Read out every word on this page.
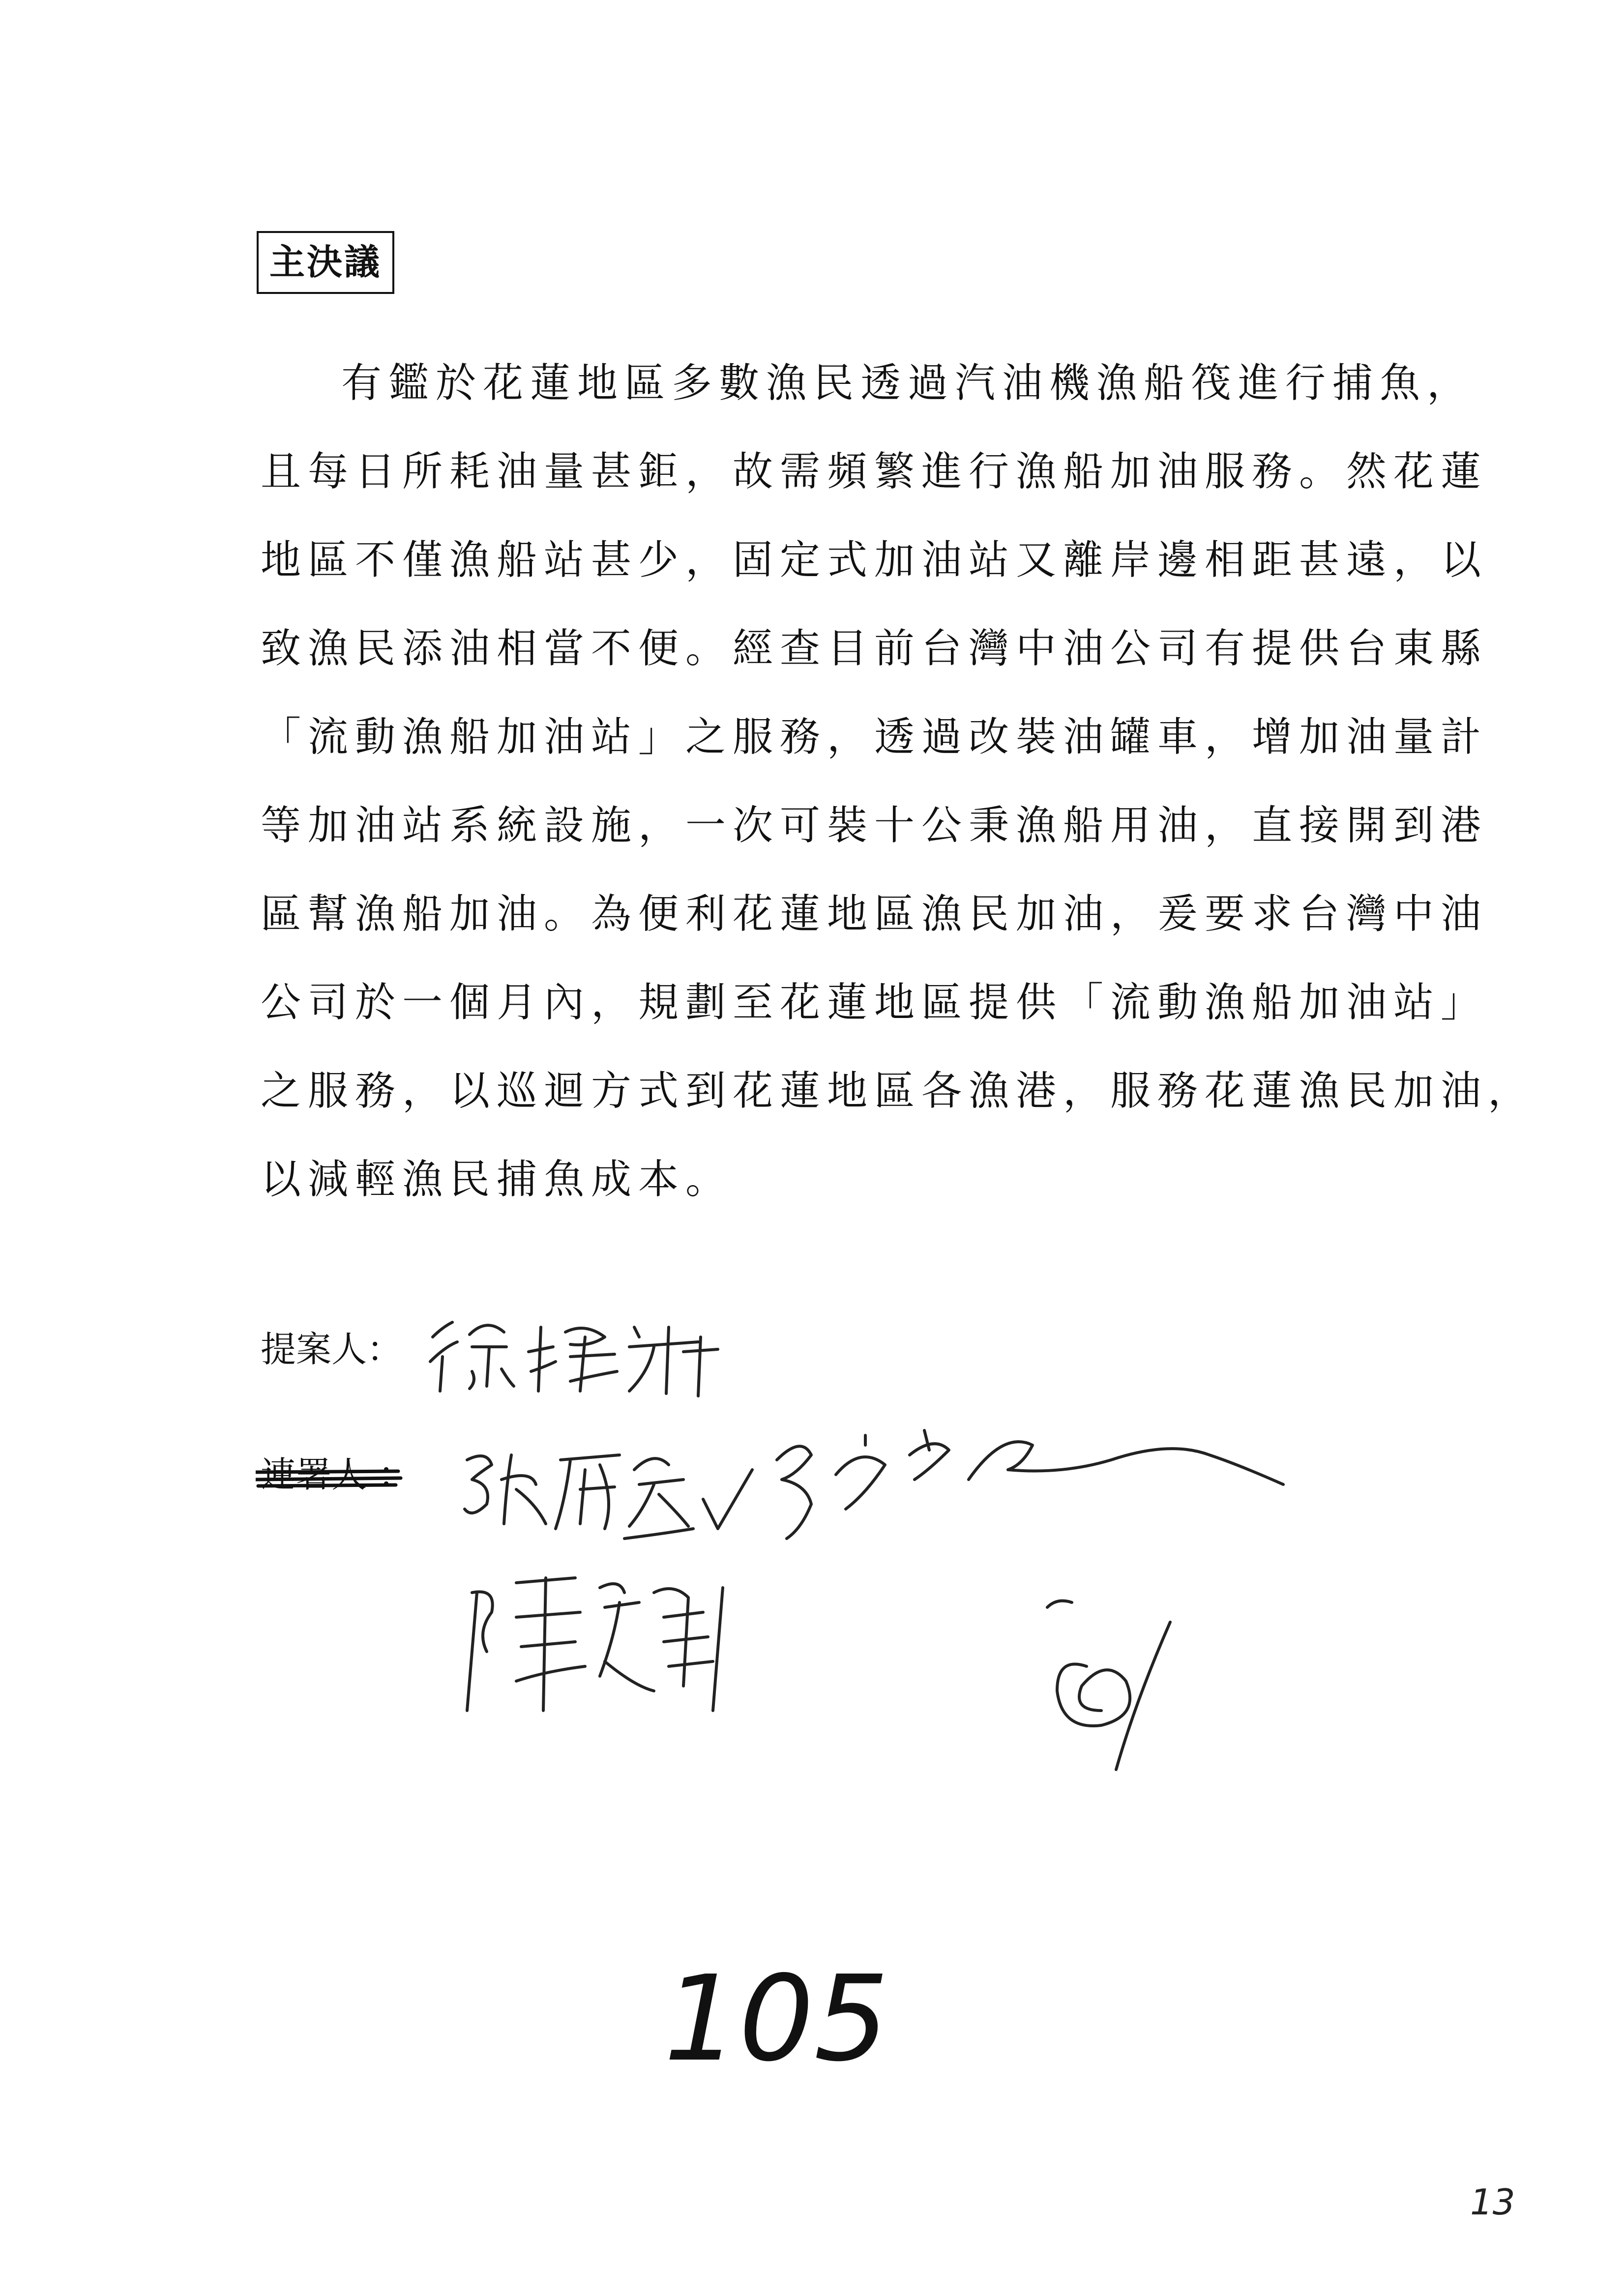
主決議
有鑑於花蓮地區多數漁民透過汽油機漁船筏進行捕魚，
且每日所耗油量甚鉅，故需頻繁進行漁船加油服務。然花蓮
地區不僅漁船站甚少，固定式加油站又離岸邊相距甚遠，以
致漁民添油相當不便。經查目前台灣中油公司有提供台東縣
「流動漁船加油站」之服務，透過改裝油罐車，增加油量計
等加油站系統設施，一次可裝十公秉漁船用油，直接開到港
區幫漁船加油。為便利花蓮地區漁民加油，爰要求台灣中油
公司於一個月內，規劃至花蓮地區提供「流動漁船加油站」
之服務，以巡迴方式到花蓮地區各漁港，服務花蓮漁民加油，
以減輕漁民捕魚成本。
提案人：
連署人 ：
105
13
